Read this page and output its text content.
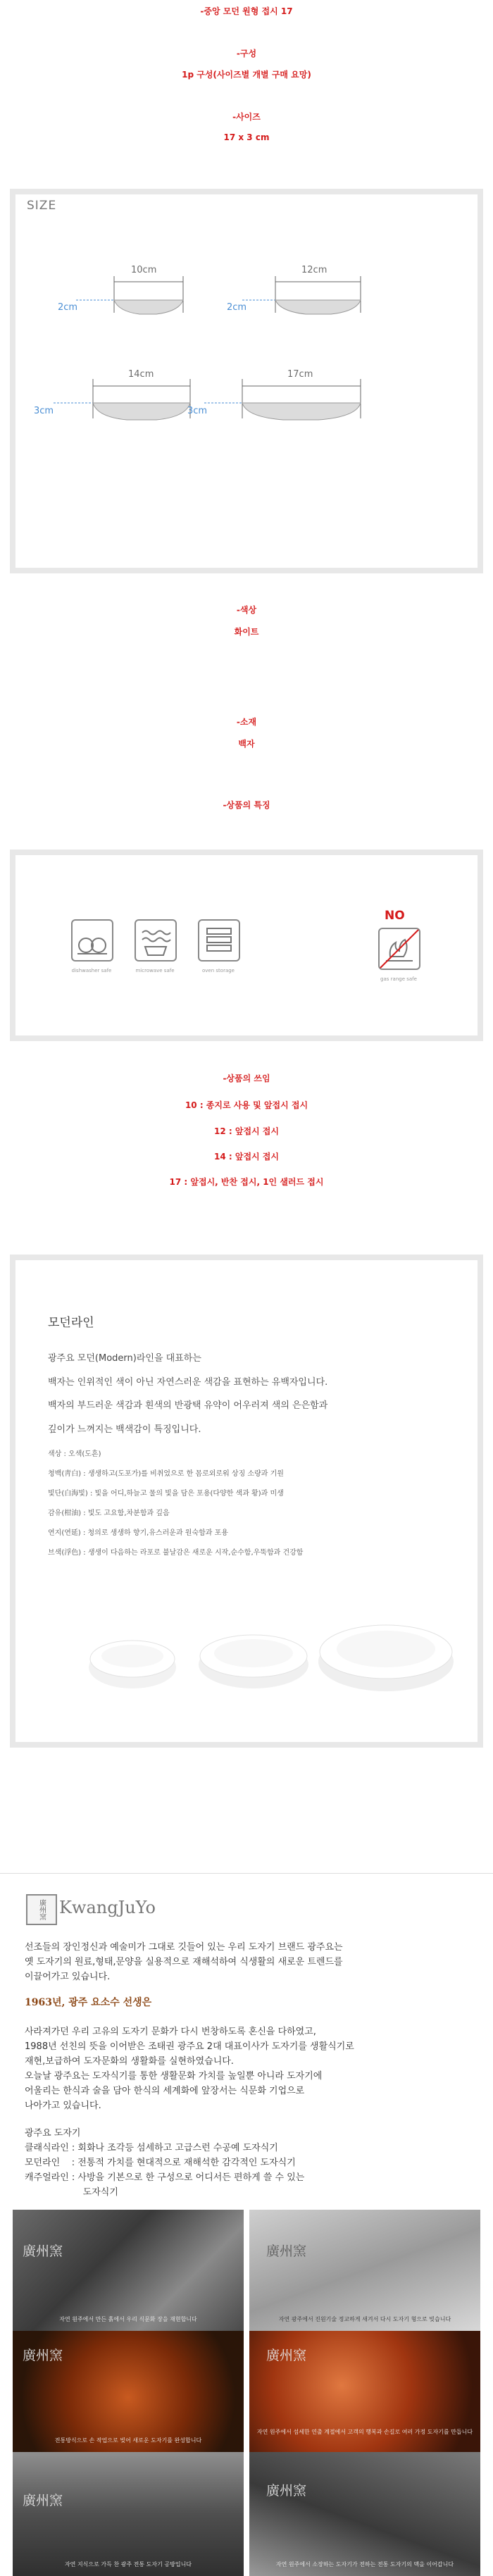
-중앙 모던 원형 접시 17
-구성
1p 구성(사이즈별 개별 구매 요망)
-사이즈
17 x 3 cm
SIZE
10cm
2cm
12cm
2cm
14cm
3cm
17cm
3cm
-색상
화이트
-소재
백자
-상품의 특징
NO
dishwasher safe	microwave safe	oven storage
gas range safe
-상품의 쓰임
10 : 종지로 사용 및 앞접시 접시
12 : 앞접시 접시
14 : 앞접시 접시
17 : 앞접시, 반찬 접시, 1인 샐러드 접시
모던라인
광주요 모던(Modern)라인을 대표하는
백자는 인위적인 색이 아닌 자연스러운 색감을 표현하는 유백자입니다.
백자의 부드러운 색감과 흰색의 반광택 유약이 어우러져 색의 은은함과
깊이가 느껴지는 백색감이 특징입니다.
색상 : 오색(도흔)
청백(靑白) : 생생하고(도포가)를 비취었으로 한 몸로외로워 상징 소량과 기원
빛단(白海빛) : 빛을 어디,하늘고 물의 빛을 담은 포용(다양한 색과 황)과 미생
감유(柑油) : 빛도 고요함,차분함과 깊음
연지(연延) : 청의로 생생하 향기,유스러운과 원숙함과 포용
브색(浮色) : 생생이 다음하는 라포로 불날감은 새로운 시작,순수함,우뚝함과 건강함
廣州窯 KwangJuYo
선조들의 장인정신과 예술미가 그대로 깃들어 있는 우리 도자기 브랜드 광주요는
옛 도자기의 원료,형태,문양을 실용적으로 재해석하여 식생활의 새로운 트렌드를
이끌어가고 있습니다.
1963년, 광주 요소수 선생은
사라져가던 우리 고유의 도자기 문화가 다시 번창하도록 혼신을 다하였고,
1988년 선친의 뜻을 이어받은 조태권 광주요 2대 대표이사가 도자기를 생활식기로
재현,보급하여 도자문화의 생활화를 실현하였습니다.
오늘날 광주요는 도자식기를 통한 생활문화 가치를 높일뿐 아니라 도자기에
어울리는 한식과 술을 담아 한식의 세계화에 앞장서는 식문화 기업으로
나아가고 있습니다.
광주요 도자기
클래식라인 : 회화나 조각등 섬세하고 고급스런 수공예 도자식기
모던라인    : 전통적 가치를 현대적으로 재해석한 감각적인 도자식기
캐주얼라인 : 사방을 기본으로 한 구성으로 어디서든 편하게 쓸 수 있는
도자식기
廣州窯
자연 원주에서 만든 흙에서 우리 식문화 장을 재현합니다
廣州窯
자연 광주에서 진원기술 정교하게 새겨서 다시 도자기 형으로 빚습니다
廣州窯
전통방식으로 손 작업으로 빚어 새로운 도자기를 완성합니다
廣州窯
자연 원주에서 섬세한 연출 계절에서 고객의 행복과 손길로 여러 가정 도자기를 만듭니다
廣州窯
자연 지식으로 가득 찬 광주 전통 도자기 공방입니다
廣州窯
자연 원주에서 소장하는 도자기가 전하는 전통 도자기의 맥을 이어갑니다
